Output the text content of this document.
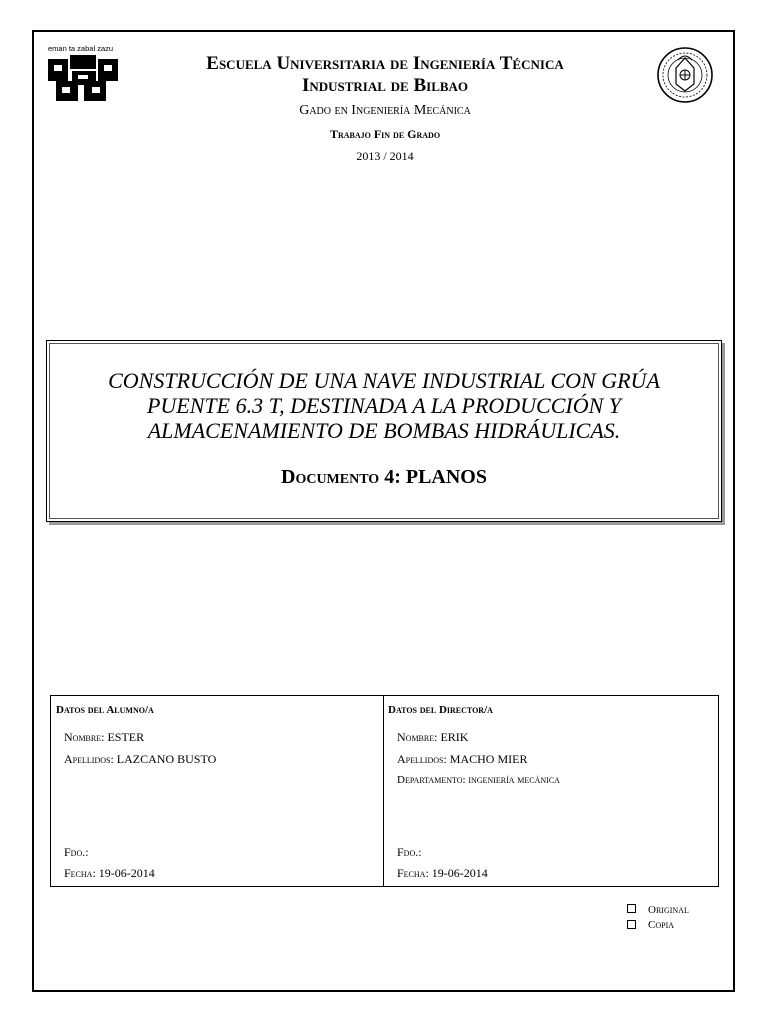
eman ta zabal zazu
Escuela Universitaria de Ingeniería Técnica
Industrial de Bilbao
Gado en Ingeniería Mecánica
Trabajo Fin de Grado
2013 / 2014
CONSTRUCCIÓN DE UNA NAVE INDUSTRIAL CON GRÚA
PUENTE 6.3 T, DESTINADA A LA PRODUCCIÓN Y
ALMACENAMIENTO DE BOMBAS HIDRÁULICAS.
Documento 4: PLANOS
Datos del Alumno/a
Nombre: ESTER
Apellidos: LAZCANO BUSTO
Fdo.:
Fecha: 19-06-2014
Datos del Director/a
Nombre: ERIK
Apellidos: MACHO MIER
Departamento: ingeniería mecánica
Fdo.:
Fecha: 19-06-2014
Original
Copia
